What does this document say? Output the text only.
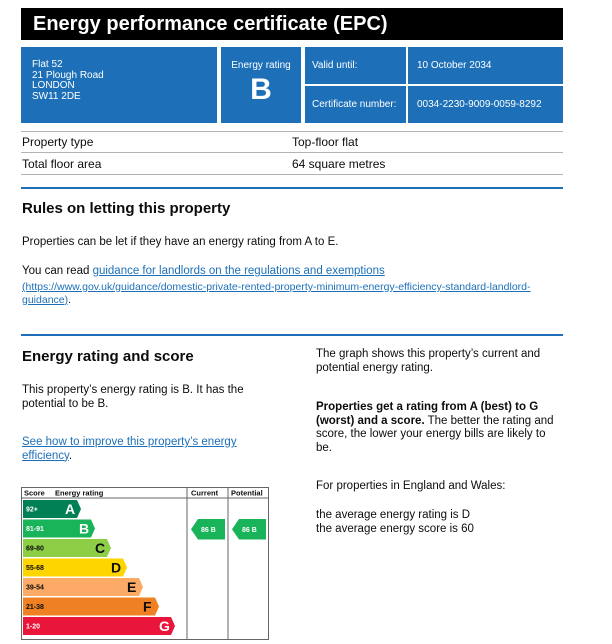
Energy performance certificate (EPC)
Flat 52
21 Plough Road
LONDON
SW11 2DE
Energy rating
B
Valid until:	10 October 2034
Certificate number:	0034-2230-9009-0059-8292
Property type	Top-floor flat
Total floor area	64 square metres
Rules on letting this property
Properties can be let if they have an energy rating from A to E.
You can read guidance for landlords on the regulations and exemptions
(https://www.gov.uk/guidance/domestic-private-rented-property-minimum-energy-efficiency-standard-landlord-
guidance).
Energy rating and score
This property’s energy rating is B. It has the potential to be B.
See how to improve this property’s energy efficiency.
The graph shows this property’s current and potential energy rating.
Properties get a rating from A (best) to G (worst) and a score. The better the rating and score, the lower your energy bills are likely to be.
For properties in England and Wales:
the average energy rating is D
the average energy score is 60
Score Energy rating	Current Potential
92+ A
81-91	B
69-80	C
55-68	D
39-54	E
21-38	F
1-20	G
86 B	86 B
